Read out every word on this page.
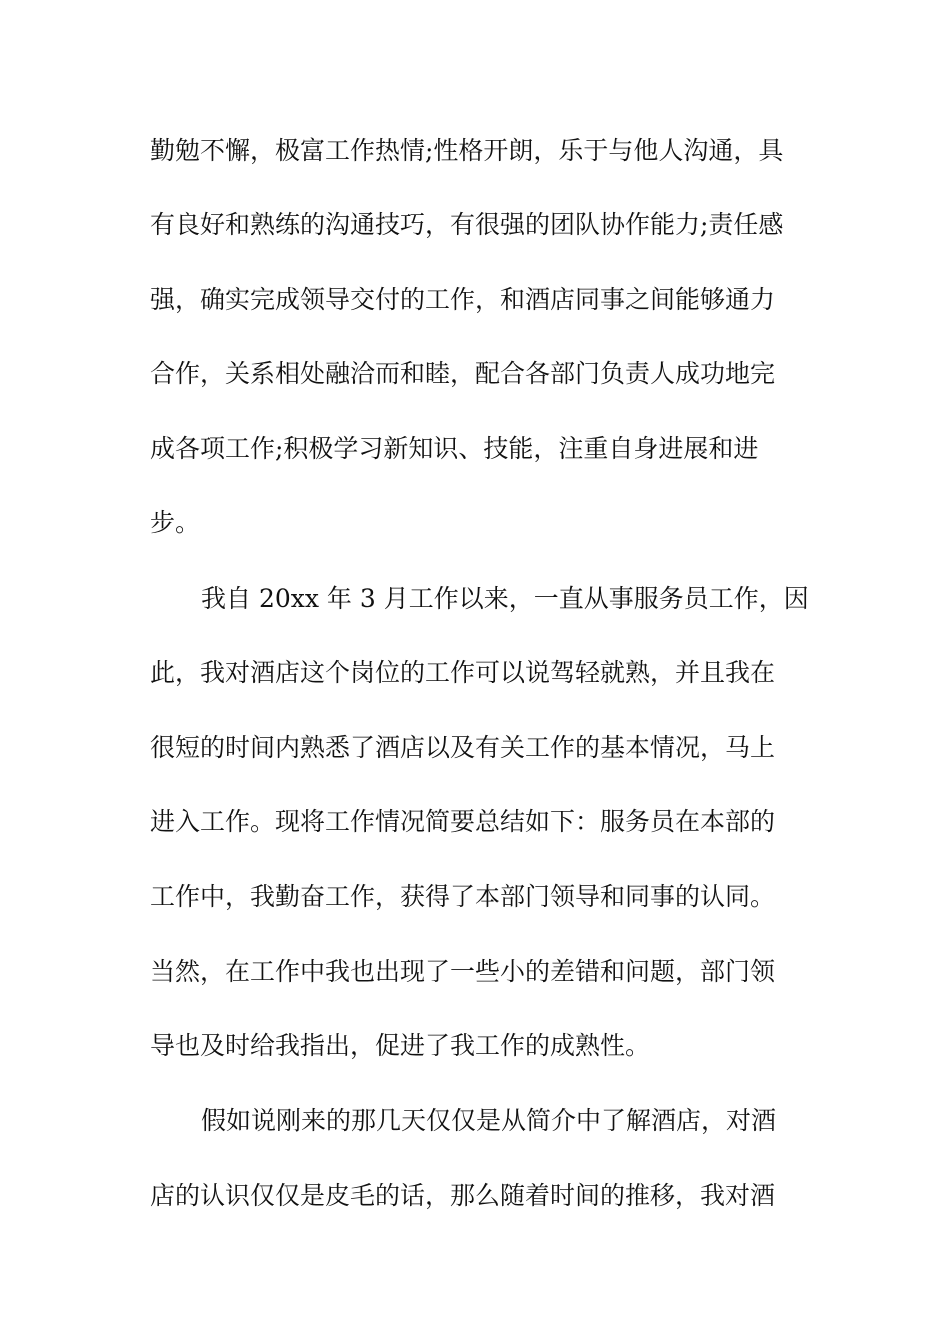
勤勉不懈，极富工作热情;性格开朗，乐于与他人沟通，具
有良好和熟练的沟通技巧，有很强的团队协作能力;责任感
强，确实完成领导交付的工作，和酒店同事之间能够通力
合作，关系相处融洽而和睦，配合各部门负责人成功地完
成各项工作;积极学习新知识、技能，注重自身进展和进
步。
我自 20xx 年 3 月工作以来，一直从事服务员工作，因
此，我对酒店这个岗位的工作可以说驾轻就熟，并且我在
很短的时间内熟悉了酒店以及有关工作的基本情况，马上
进入工作。现将工作情况简要总结如下：服务员在本部的
工作中，我勤奋工作，获得了本部门领导和同事的认同。
当然，在工作中我也出现了一些小的差错和问题，部门领
导也及时给我指出，促进了我工作的成熟性。
假如说刚来的那几天仅仅是从简介中了解酒店，对酒
店的认识仅仅是皮毛的话，那么随着时间的推移，我对酒
